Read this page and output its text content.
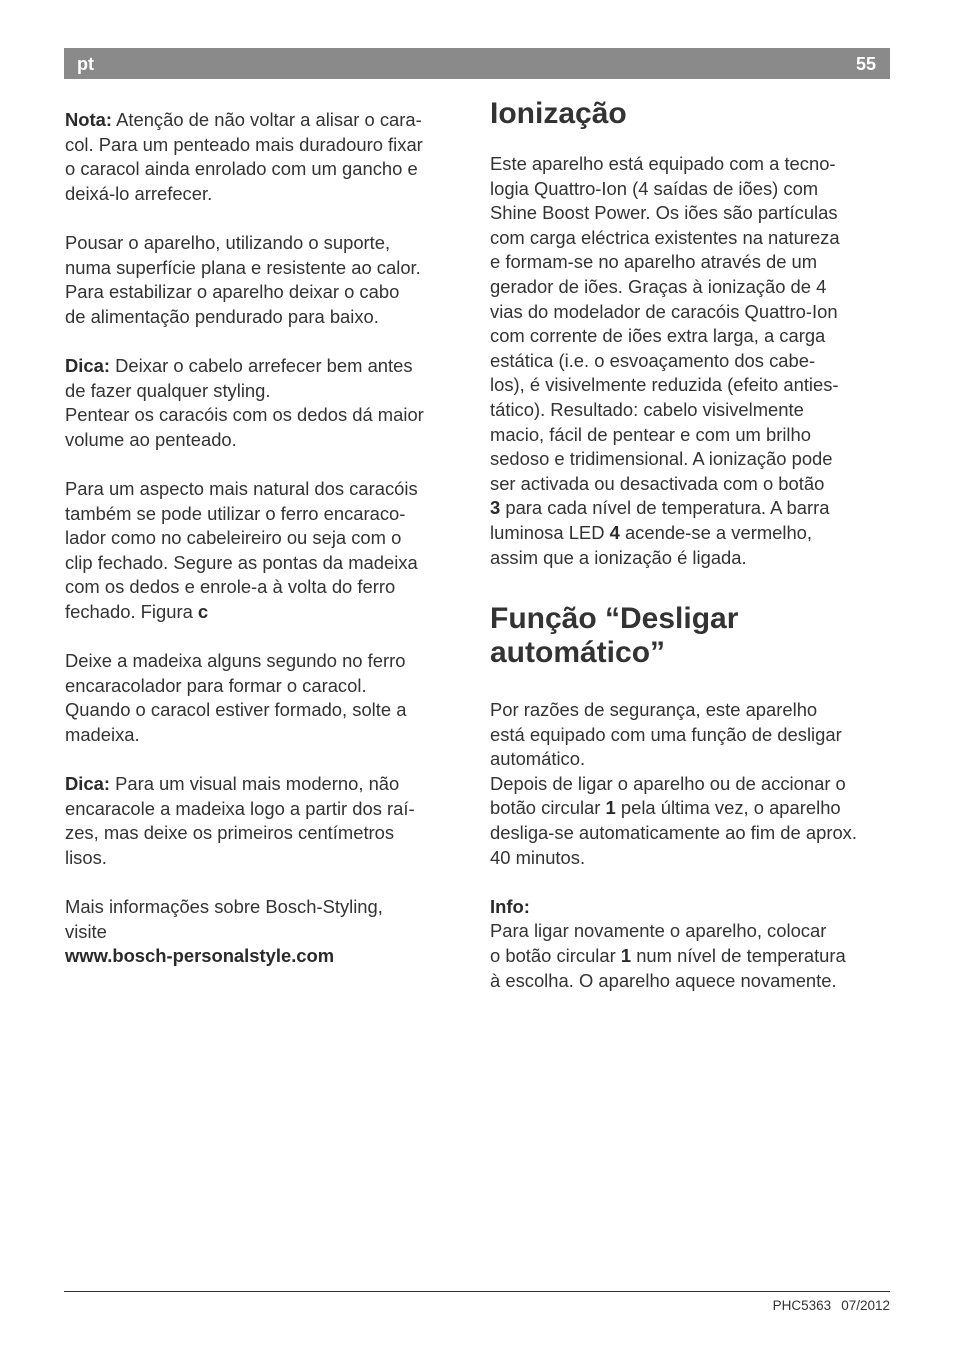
pt	55

Nota: Atenção de não voltar a alisar o cara-

col. Para um penteado mais duradouro fixar

o caracol ainda enrolado com um gancho e

deixá-lo arrefecer.

Pousar o aparelho, utilizando o suporte,

numa superfície plana e resistente ao calor.

Para estabilizar o aparelho deixar o cabo

de alimentação pendurado para baixo.

Dica: Deixar o cabelo arrefecer bem antes

de fazer qualquer styling.

Pentear os caracóis com os dedos dá maior

volume ao penteado.

Para um aspecto mais natural dos caracóis

também se pode utilizar o ferro encaraco-

lador como no cabeleireiro ou seja com o

clip fechado. Segure as pontas da madeixa

com os dedos e enrole-a à volta do ferro

fechado. Figura c

Deixe a madeixa alguns segundo no ferro

encaracolador para formar o caracol.

Quando o caracol estiver formado, solte a

madeixa.

Dica: Para um visual mais moderno, não

encaracole a madeixa logo a partir dos raí-

zes, mas deixe os primeiros centímetros

lisos.

Mais informações sobre Bosch-Styling,

visite

www.bosch-personalstyle.com

Ionização

Este aparelho está equipado com a tecno-

logia Quattro-Ion (4 saídas de iões) com

Shine Boost Power. Os iões são partículas

com carga eléctrica existentes na natureza

e formam-se no aparelho através de um

gerador de iões. Graças à ionização de 4

vias do modelador de caracóis Quattro-Ion

com corrente de iões extra larga, a carga

estática (i.e. o esvoaçamento dos cabe-

los), é visivelmente reduzida (efeito anties-

tático). Resultado: cabelo visivelmente

macio, fácil de pentear e com um brilho

sedoso e tridimensional. A ionização pode

ser activada ou desactivada com o botão

3 para cada nível de temperatura. A barra

luminosa LED 4 acende-se a vermelho,

assim que a ionização é ligada.

Função “Desligar
automático”

Por razões de segurança, este aparelho

está equipado com uma função de desligar

automático.

Depois de ligar o aparelho ou de accionar o

botão circular 1 pela última vez, o aparelho

desliga-se automaticamente ao fim de aprox.

40 minutos.

Info:

Para ligar novamente o aparelho, colocar

o botão circular 1 num nível de temperatura

à escolha. O aparelho aquece novamente.

PHC5363 07/2012
